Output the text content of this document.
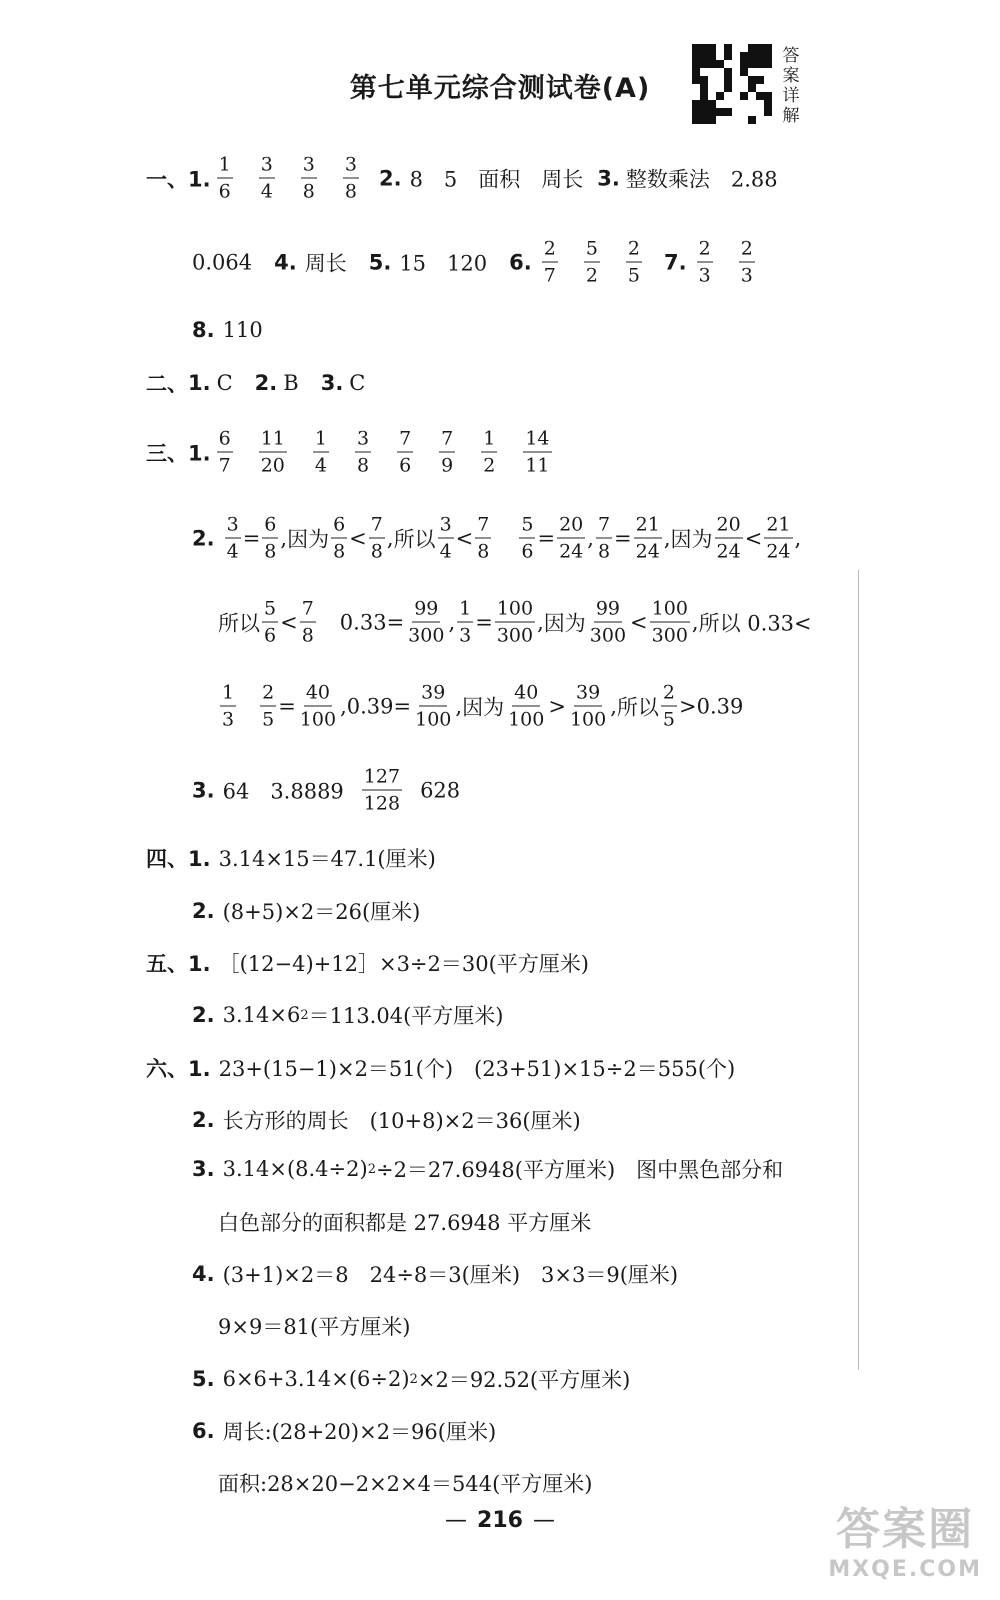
第七单元综合测试卷(A)
答
案
详
解
一、1. $\frac{1}{6} \frac{3}{4} \frac{3}{8} \frac{3}{8} 2$. 8　5　面积　周长 3. 整数乘法　2.88
0.064 4. 周长 5. 15　120 6. $\frac{2}{7} \frac{5}{2} \frac{2}{5} 7$. $\frac{2}{3} \frac{2}{3}$
8. 110
二、 1. C 2. B 3. C
三、1. $\frac{6}{7} \frac{11}{20} \frac{1}{4} \frac{3}{8} \frac{7}{6} \frac{7}{9} \frac{1}{2} \frac{14}{11}$
2. $\frac{3}{4} = \frac{6}{8}$ , 因为 $\frac{6}{8} < \frac{7}{8}$ , 所以 $\frac{3}{4} < \frac{7}{8} \frac{5}{6} = \frac{20}{24}$ , $\frac{7}{8} = \frac{21}{24}$ , 因为 $\frac{20}{24} < \frac{21}{24}$ ,
所以 $\frac{5}{6} < \frac{7}{8} 0.33 = \frac{99}{300}$ , $\frac{1}{3} = \frac{100}{300}$ , 因为 $\frac{99}{300} < \frac{100}{300}$ , 所以 0.33<
$\frac{1}{3} \frac{2}{5} = \frac{40}{100}$ , $0.39 = \frac{39}{100}$ , 因为 $\frac{40}{100} > \frac{39}{100}$ , 所以 $\frac{2}{5} >0.39$
3. 64　$3.8889 \frac{127}{128} 628$
四、1. 3.14×15＝47.1(厘米)
2. (8+5)×2＝26(厘米)
五、1. ［(12−4)+12］×3÷2＝30(平方厘米)
2. 3.14×6 2 ＝113.04(平方厘米)
六、1. 23+(15−1)×2＝51(个)　(23+51)×15÷2＝555(个)
2. 长方形的周长　(10+8)×2＝36(厘米)
3. 3.14×(8.4÷2) 2 ÷2＝27.6948(平方厘米)　图中黑色部分和
白色部分的面积都是 27.6948 平方厘米
4. (3+1)×2＝8　24÷8＝3(厘米)　3×3＝9(厘米)
9×9＝81(平方厘米)
5. 6×6+3.14×(6÷2) 2 ×2＝92.52(平方厘米)
6. 周长:(28+20)×2＝96(厘米)
面积:28×20−2×2×4＝544(平方厘米)
— 216 —	答案圈
MXQE.COM
